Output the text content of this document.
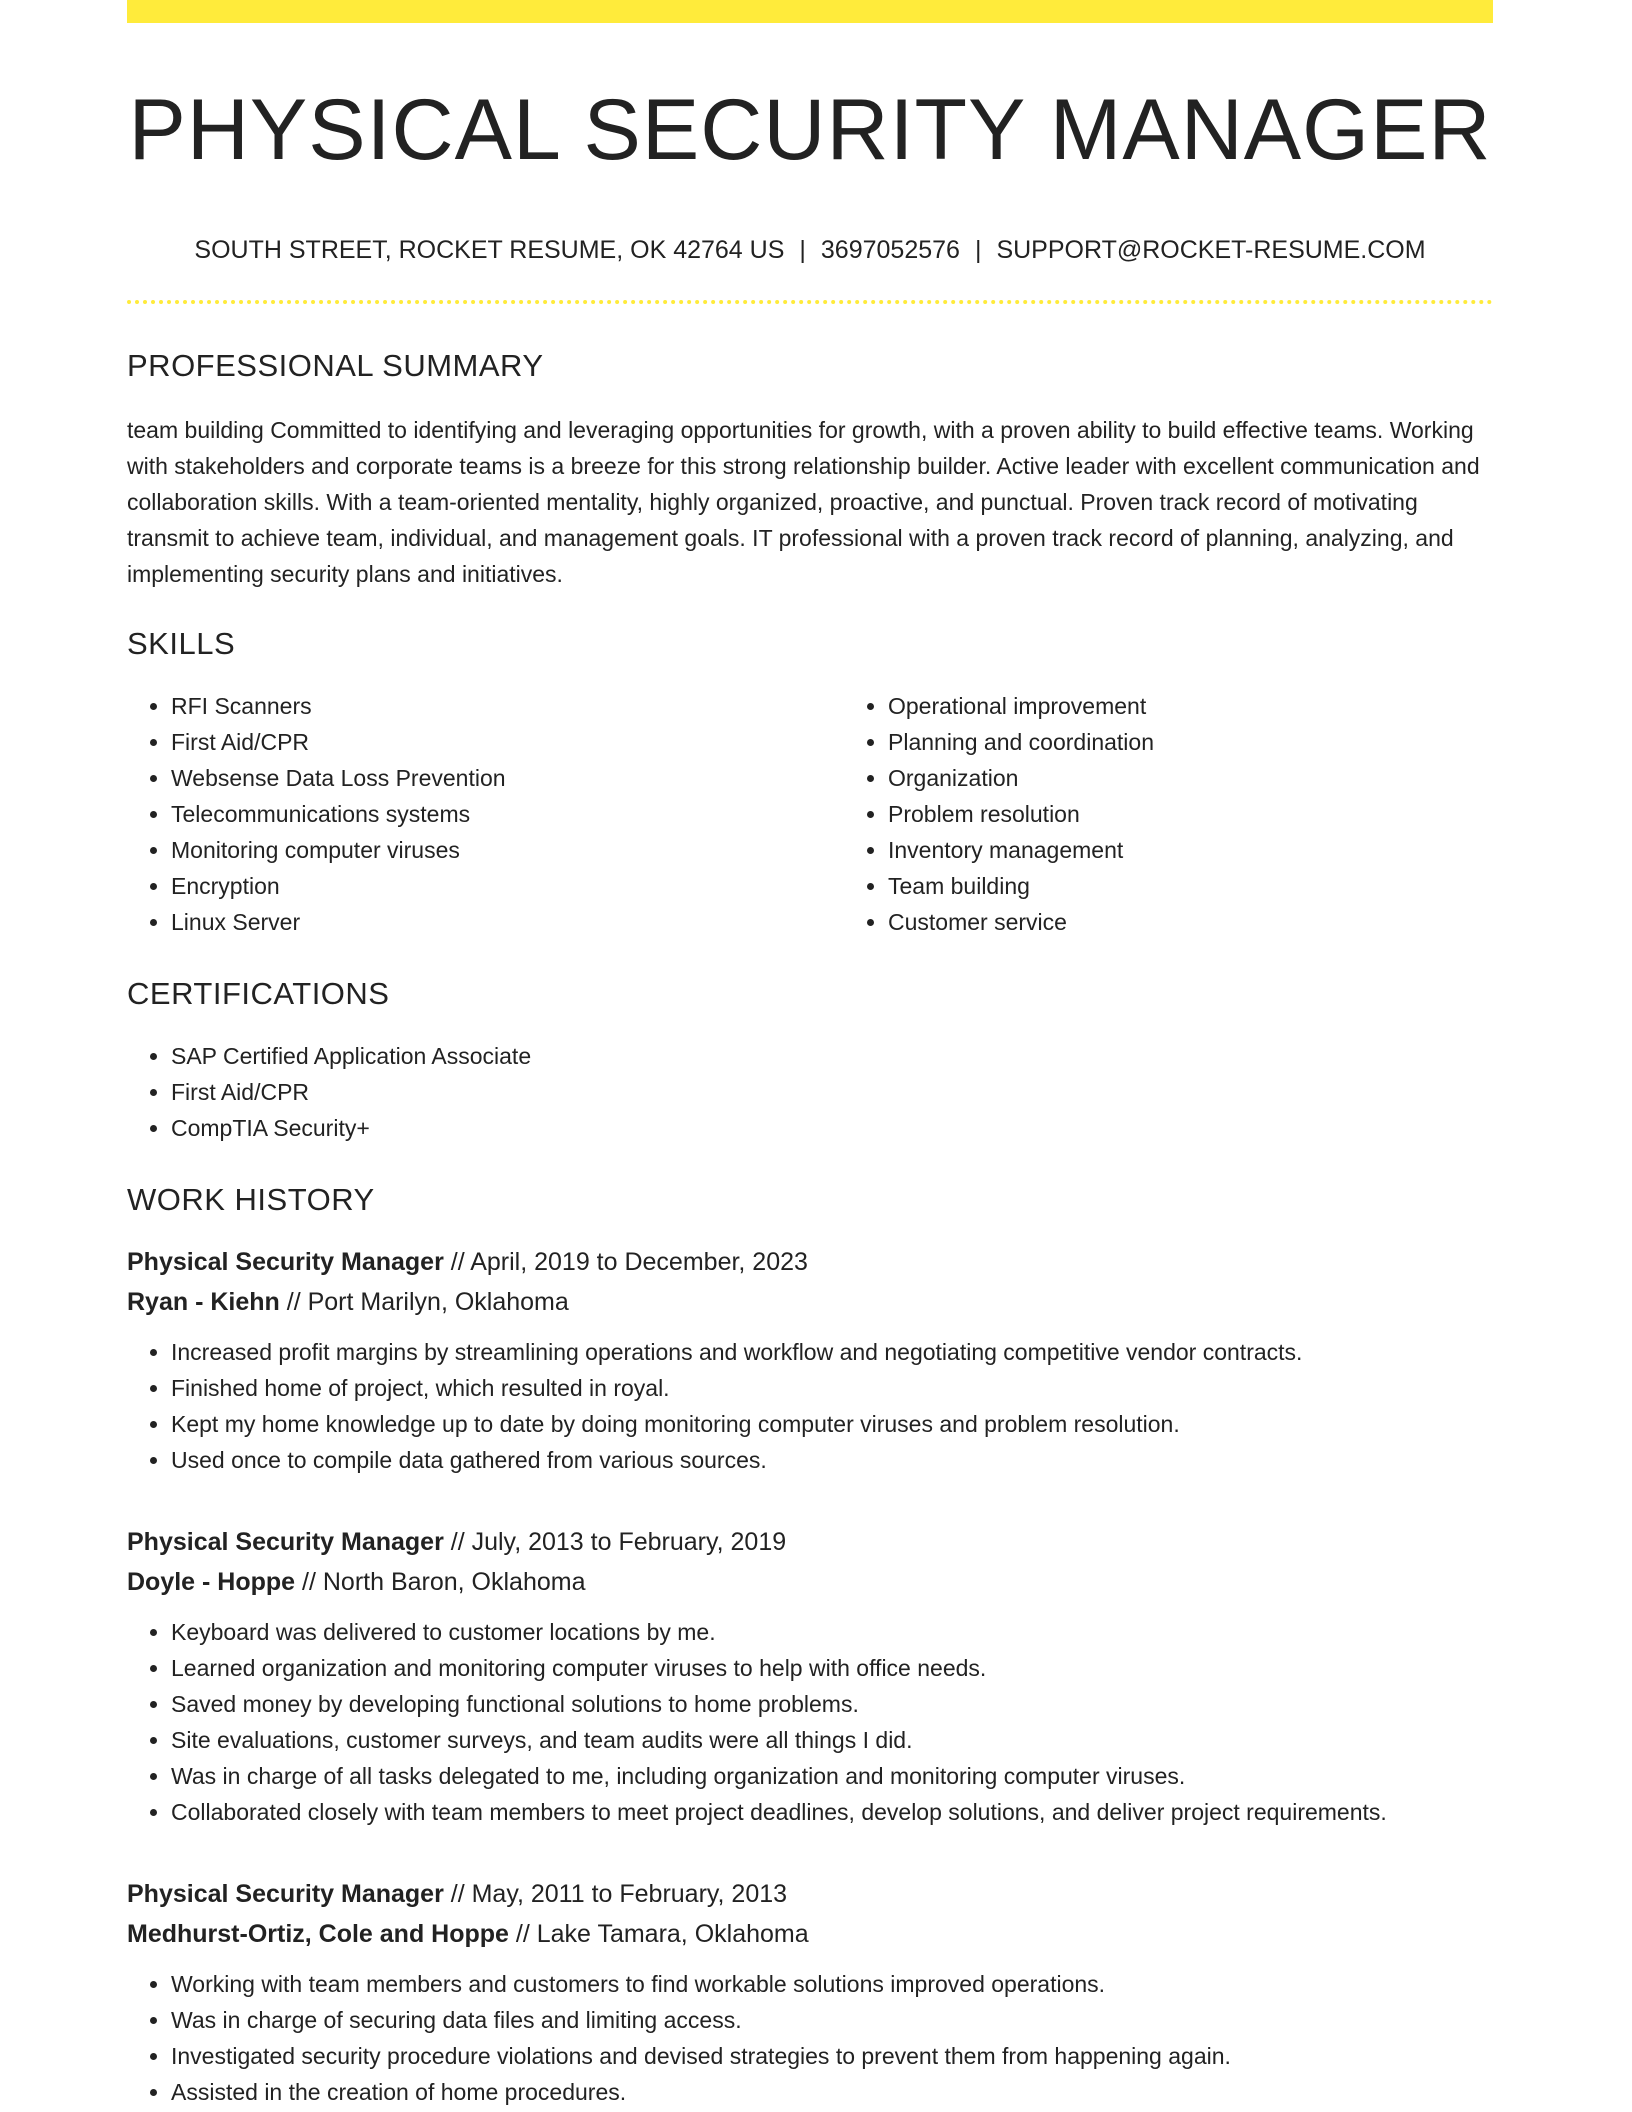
PHYSICAL SECURITY MANAGER
SOUTH STREET, ROCKET RESUME, OK 42764 US | 3697052576 | SUPPORT@ROCKET-RESUME.COM
PROFESSIONAL SUMMARY

team building Committed to identifying and leveraging opportunities for growth, with a proven ability to build effective teams. Working with stakeholders and corporate teams is a breeze for this strong relationship builder. Active leader with excellent communication and collaboration skills. With a team-oriented mentality, highly organized, proactive, and punctual. Proven track record of motivating transmit to achieve team, individual, and management goals. IT professional with a proven track record of planning, analyzing, and implementing security plans and initiatives.

SKILLS
• RFI Scanners
• First Aid/CPR
• Websense Data Loss Prevention
• Telecommunications systems
• Monitoring computer viruses
• Encryption
• Linux Server
• Operational improvement
• Planning and coordination
• Organization
• Problem resolution
• Inventory management
• Team building
• Customer service
CERTIFICATIONS
• SAP Certified Application Associate
• First Aid/CPR
• CompTIA Security+
WORK HISTORY
Physical Security Manager // April, 2019 to December, 2023
Ryan - Kiehn // Port Marilyn, Oklahoma
• Increased profit margins by streamlining operations and workflow and negotiating competitive vendor contracts.
• Finished home of project, which resulted in royal.
• Kept my home knowledge up to date by doing monitoring computer viruses and problem resolution.
• Used once to compile data gathered from various sources.
Physical Security Manager // July, 2013 to February, 2019
Doyle - Hoppe // North Baron, Oklahoma
• Keyboard was delivered to customer locations by me.
• Learned organization and monitoring computer viruses to help with office needs.
• Saved money by developing functional solutions to home problems.
• Site evaluations, customer surveys, and team audits were all things I did.
• Was in charge of all tasks delegated to me, including organization and monitoring computer viruses.
• Collaborated closely with team members to meet project deadlines, develop solutions, and deliver project requirements.
Physical Security Manager // May, 2011 to February, 2013
Medhurst-Ortiz, Cole and Hoppe // Lake Tamara, Oklahoma
• Working with team members and customers to find workable solutions improved operations.
• Was in charge of securing data files and limiting access.
• Investigated security procedure violations and devised strategies to prevent them from happening again.
• Assisted in the creation of home procedures.
